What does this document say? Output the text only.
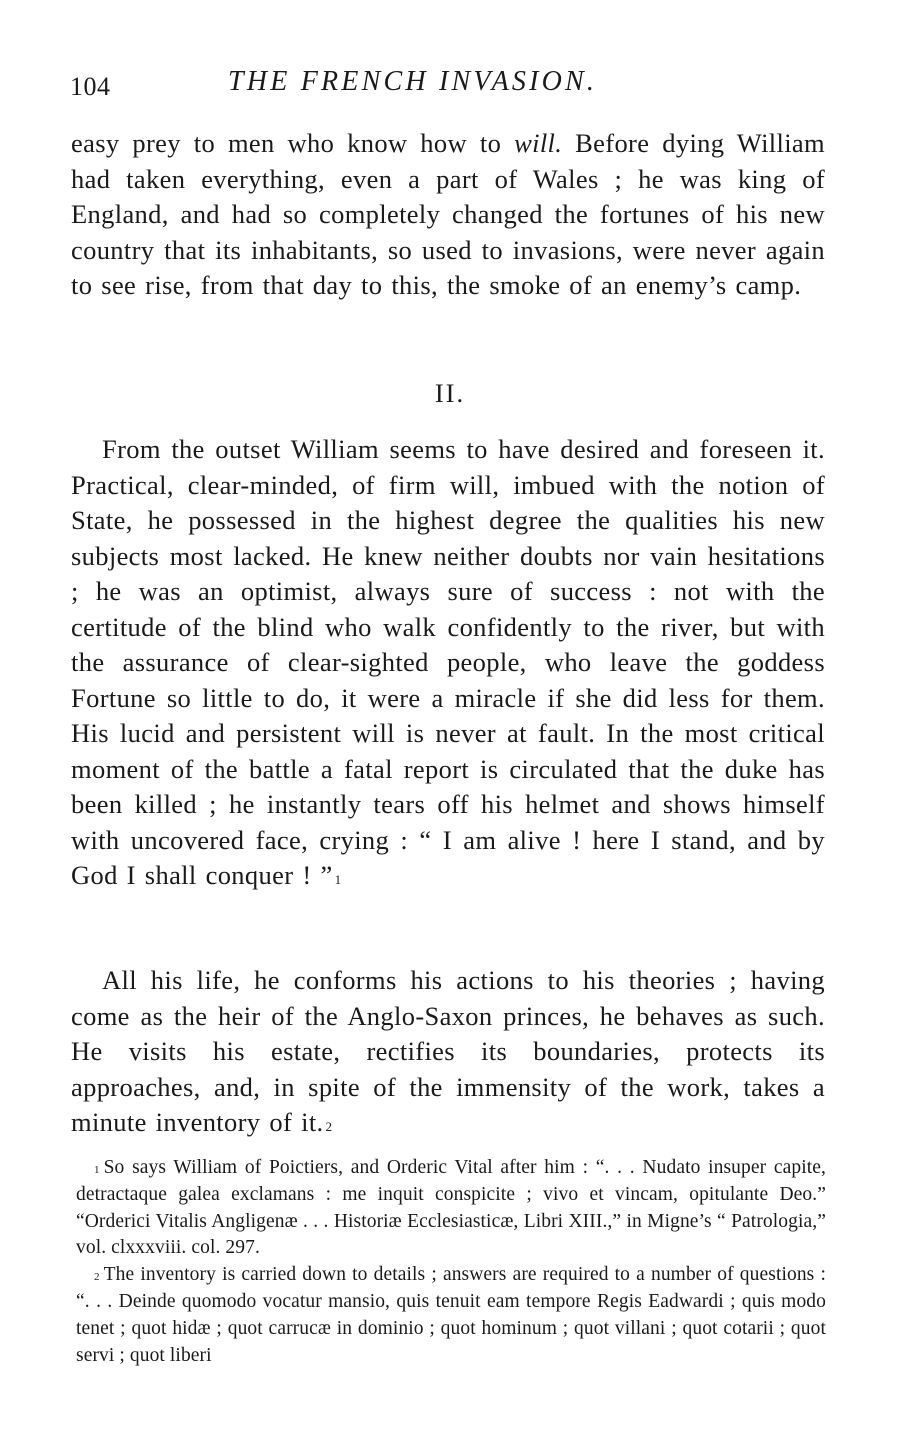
104	THE FRENCH INVASION.

easy prey to men who know how to will. Before dying William had taken everything, even a part of Wales ; he was king of England, and had so completely changed the fortunes of his new country that its inhabitants, so used to invasions, were never again to see rise, from that day to this, the smoke of an enemy’s camp.

II.

From the outset William seems to have desired and foreseen it. Practical, clear-minded, of firm will, imbued with the notion of State, he possessed in the highest degree the qualities his new subjects most lacked. He knew neither doubts nor vain hesitations ; he was an optimist, always sure of success : not with the certitude of the blind who walk confidently to the river, but with the assurance of clear-sighted people, who leave the goddess Fortune so little to do, it were a miracle if she did less for them. His lucid and persistent will is never at fault. In the most critical moment of the battle a fatal report is circulated that the duke has been killed ; he instantly tears off his helmet and shows himself with uncovered face, crying : “ I am alive ! here I stand, and by God I shall conquer ! ” $^1$

All his life, he conforms his actions to his theories ; having come as the heir of the Anglo-Saxon princes, he behaves as such. He visits his estate, rectifies its boundaries, protects its approaches, and, in spite of the immensity of the work, takes a minute inventory of it. $^2$

$^1$ So says William of Poictiers, and Orderic Vital after him : “. . . Nudato insuper capite, detractaque galea exclamans : me inquit conspicite ; vivo et vincam, opitulante Deo.” “Orderici Vitalis Angligenæ . . . Historiæ Ecclesiasticæ, Libri XIII.,” in Migne’s “ Patrologia,” vol. clxxxviii. col. 297.

$^2$ The inventory is carried down to details ; answers are required to a number of questions : “. . . Deinde quomodo vocatur mansio, quis tenuit eam tempore Regis Eadwardi ; quis modo tenet ; quot hidæ ; quot carrucæ in dominio ; quot hominum ; quot villani ; quot cotarii ; quot servi ; quot liberi
